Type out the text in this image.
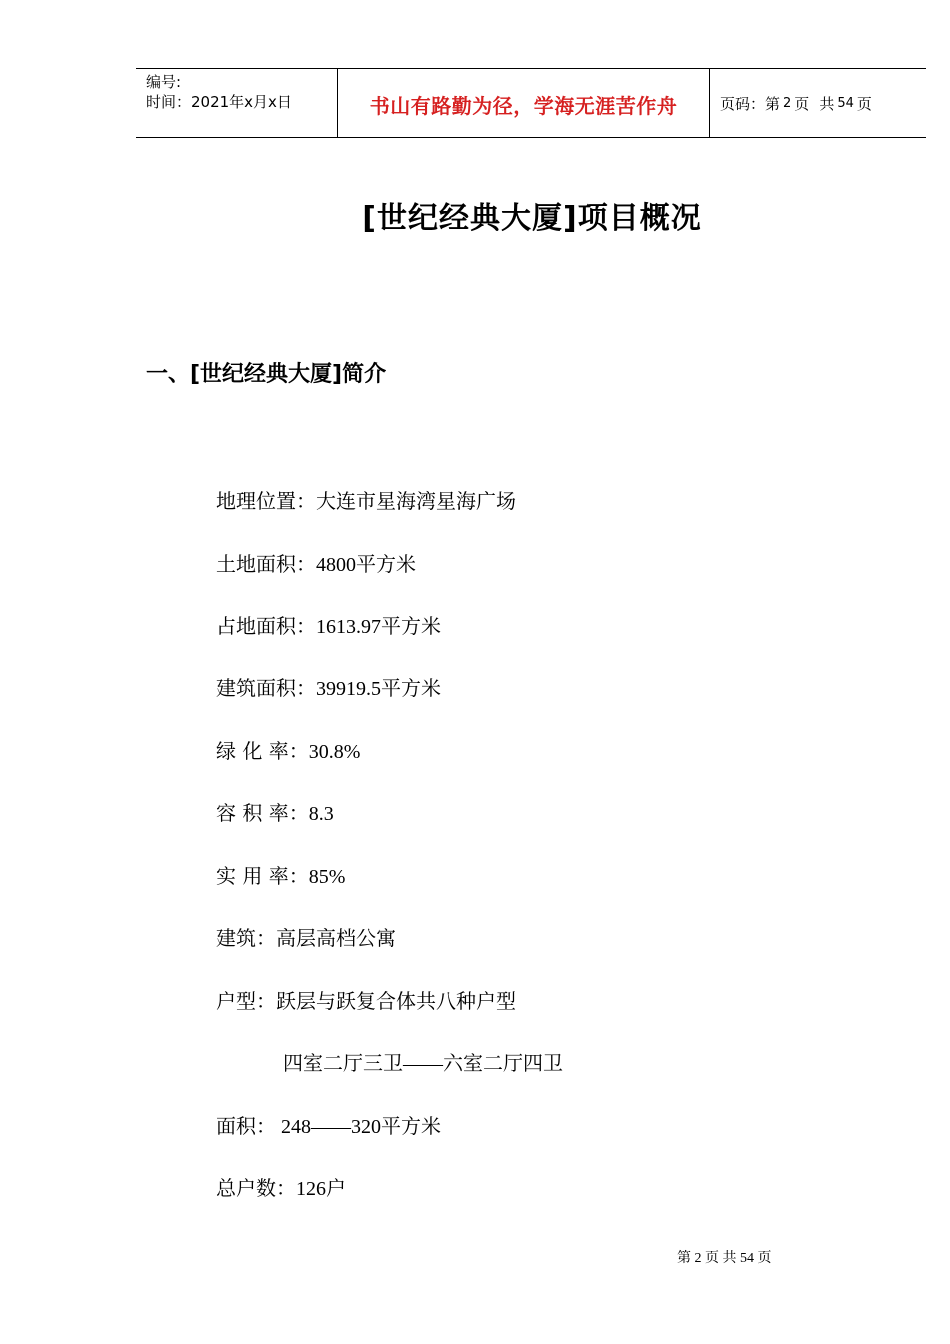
编号:
时间：2021年x月x日	书山有路勤为径，学海无涯苦作舟	页码：第 2 页 共 54 页
[世纪经典大厦]项目概况
一、[世纪经典大厦]简介
地理位置：大连市星海湾星海广场
土地面积：4800平方米
占地面积：1613.97平方米
建筑面积：39919.5平方米
绿 化 率：30.8%
容 积 率：8.3
实 用 率：85%
建筑：高层高档公寓
户型：跃层与跃复合体共八种户型
四室二厅三卫——六室二厅四卫
面积： 248——320平方米
总户数：126户
第 2 页 共 54 页
